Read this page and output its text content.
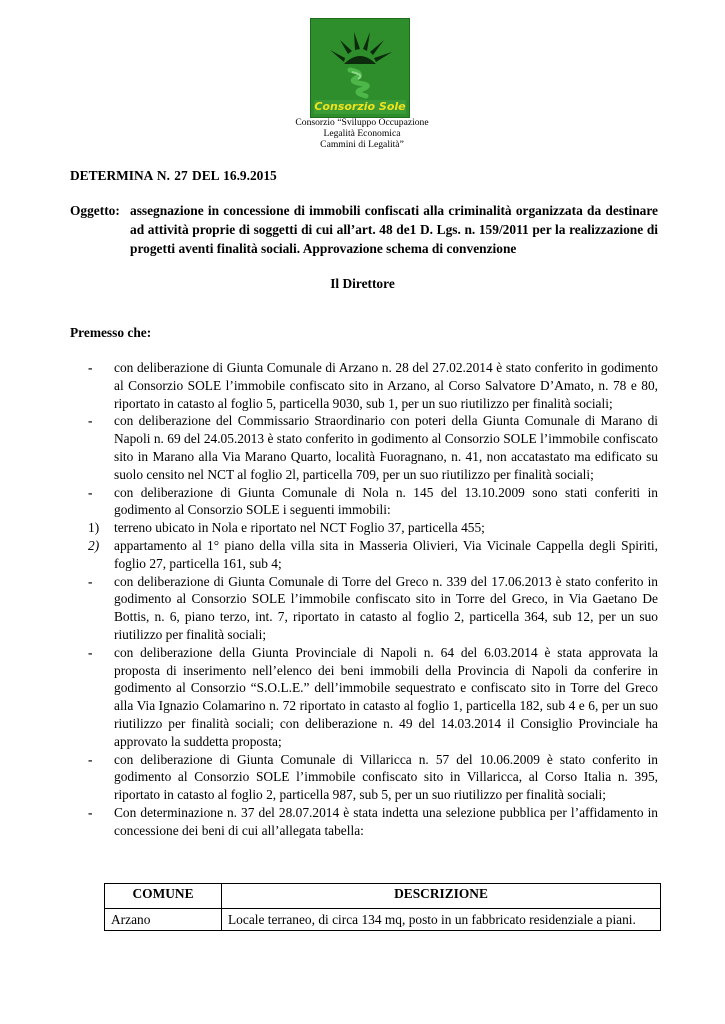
Consorzio Sole
Consorzio “Sviluppo Occupazione
Legalità Economica
Cammini di Legalità”
DETERMINA N. 27 DEL 16.9.2015
Oggetto: assegnazione in concessione di immobili confiscati alla criminalità organizzata da destinare ad attività proprie di soggetti di cui all’art. 48 de1 D. Lgs. n. 159/2011 per la realizzazione di progetti aventi finalità sociali. Approvazione schema di convenzione
Il Direttore
Premesso che:
- con deliberazione di Giunta Comunale di Arzano n. 28 del 27.02.2014 è stato conferito in godimento al Consorzio SOLE l’immobile confiscato sito in Arzano, al Corso Salvatore D’Amato, n. 78 e 80, riportato in catasto al foglio 5, particella 9030, sub 1, per un suo riutilizzo per finalità sociali;
- con deliberazione del Commissario Straordinario con poteri della Giunta Comunale di Marano di Napoli n. 69 del 24.05.2013 è stato conferito in godimento al Consorzio SOLE l’immobile confiscato sito in Marano alla Via Marano Quarto, località Fuoragnano, n. 41, non accatastato ma edificato su suolo censito nel NCT al foglio 2l, particella 709, per un suo riutilizzo per finalità sociali;
- con deliberazione di Giunta Comunale di Nola n. 145 del 13.10.2009 sono stati conferiti in godimento al Consorzio SOLE i seguenti immobili:
1) terreno ubicato in Nola e riportato nel NCT Foglio 37, particella 455;
2) appartamento al 1° piano della villa sita in Masseria Olivieri, Via Vicinale Cappella degli Spiriti, foglio 27, particella 161, sub 4;
- con deliberazione di Giunta Comunale di Torre del Greco n. 339 del 17.06.2013 è stato conferito in godimento al Consorzio SOLE l’immobile confiscato sito in Torre del Greco, in Via Gaetano De Bottis, n. 6, piano terzo, int. 7, riportato in catasto al foglio 2, particella 364, sub 12, per un suo riutilizzo per finalità sociali;
- con deliberazione della Giunta Provinciale di Napoli n. 64 del 6.03.2014 è stata approvata la proposta di inserimento nell’elenco dei beni immobili della Provincia di Napoli da conferire in godimento al Consorzio “S.O.L.E.” dell’immobile sequestrato e confiscato sito in Torre del Greco alla Via Ignazio Colamarino n. 72 riportato in catasto al foglio 1, particella 182, sub 4 e 6, per un suo riutilizzo per finalità sociali; con deliberazione n. 49 del 14.03.2014 il Consiglio Provinciale ha approvato la suddetta proposta;
- con deliberazione di Giunta Comunale di Villaricca n. 57 del 10.06.2009 è stato conferito in godimento al Consorzio SOLE l’immobile confiscato sito in Villaricca, al Corso Italia n. 395, riportato in catasto al foglio 2, particella 987, sub 5, per un suo riutilizzo per finalità sociali;
- Con determinazione n. 37 del 28.07.2014 è stata indetta una selezione pubblica per l’affidamento in concessione dei beni di cui all’allegata tabella:
COMUNE	DESCRIZIONE
Arzano	Locale terraneo, di circa 134 mq, posto in un fabbricato residenziale a piani.
